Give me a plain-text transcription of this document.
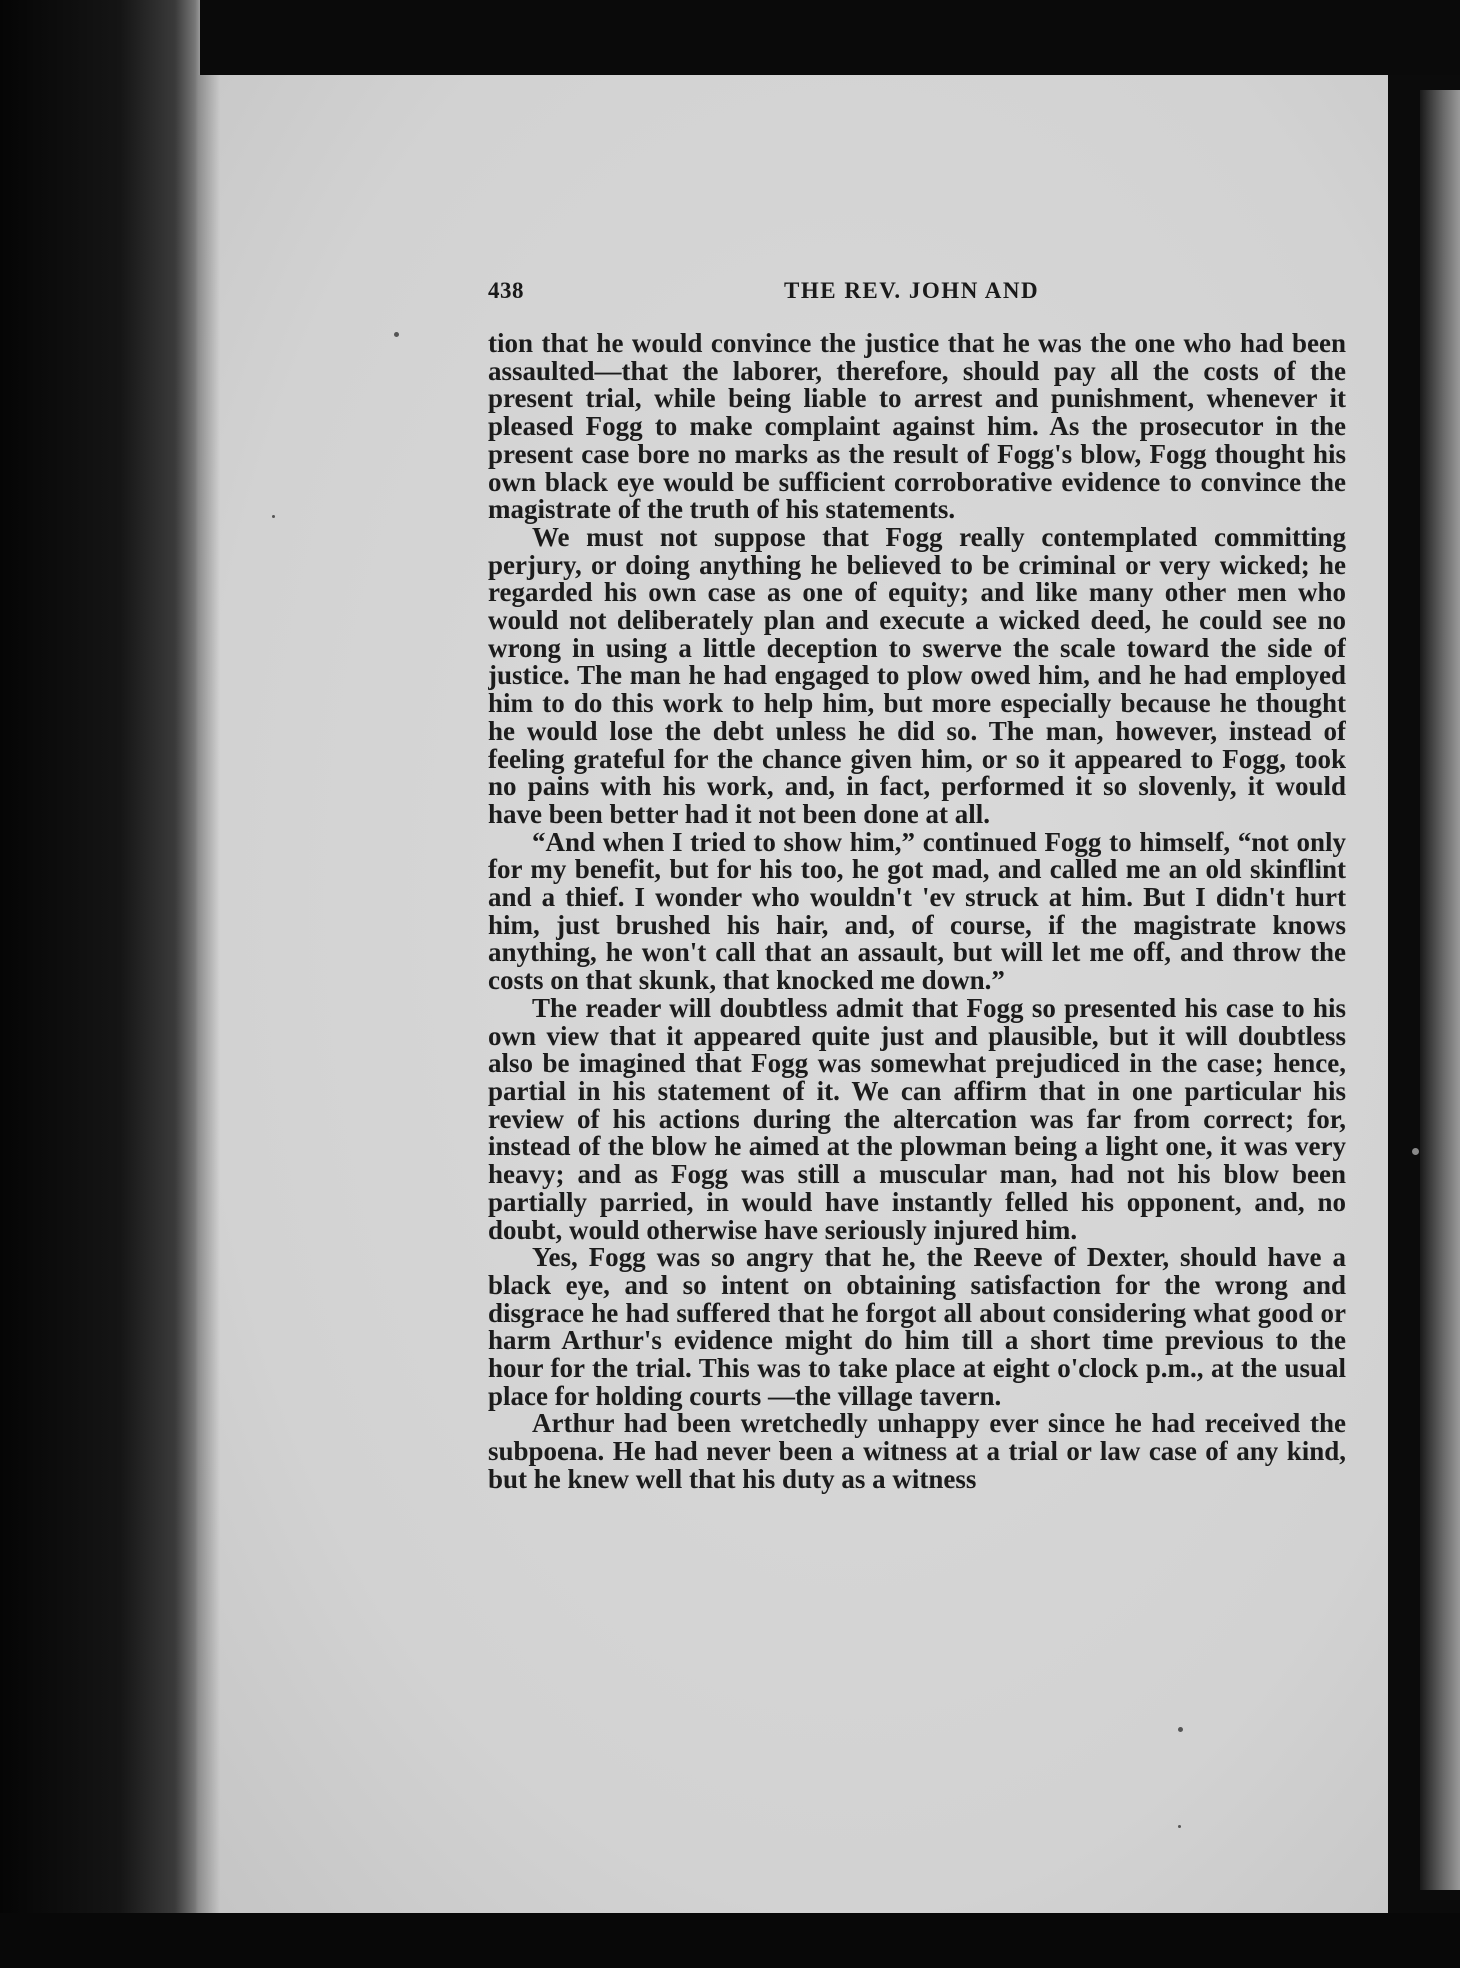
438	THE REV. JOHN AND

tion that he would convince the justice that he was the one who had been assaulted—that the laborer, therefore, should pay all the costs of the present trial, while being liable to arrest and punishment, whenever it pleased Fogg to make complaint against him. As the prosecutor in the present case bore no marks as the result of Fogg's blow, Fogg thought his own black eye would be sufficient corroborative evidence to convince the magistrate of the truth of his statements.

We must not suppose that Fogg really contemplated committing perjury, or doing anything he believed to be criminal or very wicked; he regarded his own case as one of equity; and like many other men who would not deliberately plan and execute a wicked deed, he could see no wrong in using a little deception to swerve the scale toward the side of justice. The man he had engaged to plow owed him, and he had employed him to do this work to help him, but more especially because he thought he would lose the debt unless he did so. The man, however, instead of feeling grateful for the chance given him, or so it appeared to Fogg, took no pains with his work, and, in fact, performed it so slovenly, it would have been better had it not been done at all.

“And when I tried to show him,” continued Fogg to himself, “not only for my benefit, but for his too, he got mad, and called me an old skinflint and a thief. I wonder who wouldn't 'ev struck at him. But I didn't hurt him, just brushed his hair, and, of course, if the magistrate knows anything, he won't call that an assault, but will let me off, and throw the costs on that skunk, that knocked me down.”

The reader will doubtless admit that Fogg so presented his case to his own view that it appeared quite just and plausible, but it will doubtless also be imagined that Fogg was somewhat prejudiced in the case; hence, partial in his statement of it. We can affirm that in one particular his review of his actions during the altercation was far from correct; for, instead of the blow he aimed at the plowman being a light one, it was very heavy; and as Fogg was still a muscular man, had not his blow been partially parried, in would have instantly felled his opponent, and, no doubt, would otherwise have seriously injured him.

Yes, Fogg was so angry that he, the Reeve of Dexter, should have a black eye, and so intent on obtaining satisfaction for the wrong and disgrace he had suffered that he forgot all about considering what good or harm Arthur's evidence might do him till a short time previous to the hour for the trial. This was to take place at eight o'clock p.m., at the usual place for holding courts —the village tavern.

Arthur had been wretchedly unhappy ever since he had received the subpoena. He had never been a witness at a trial or law case of any kind, but he knew well that his duty as a witness
